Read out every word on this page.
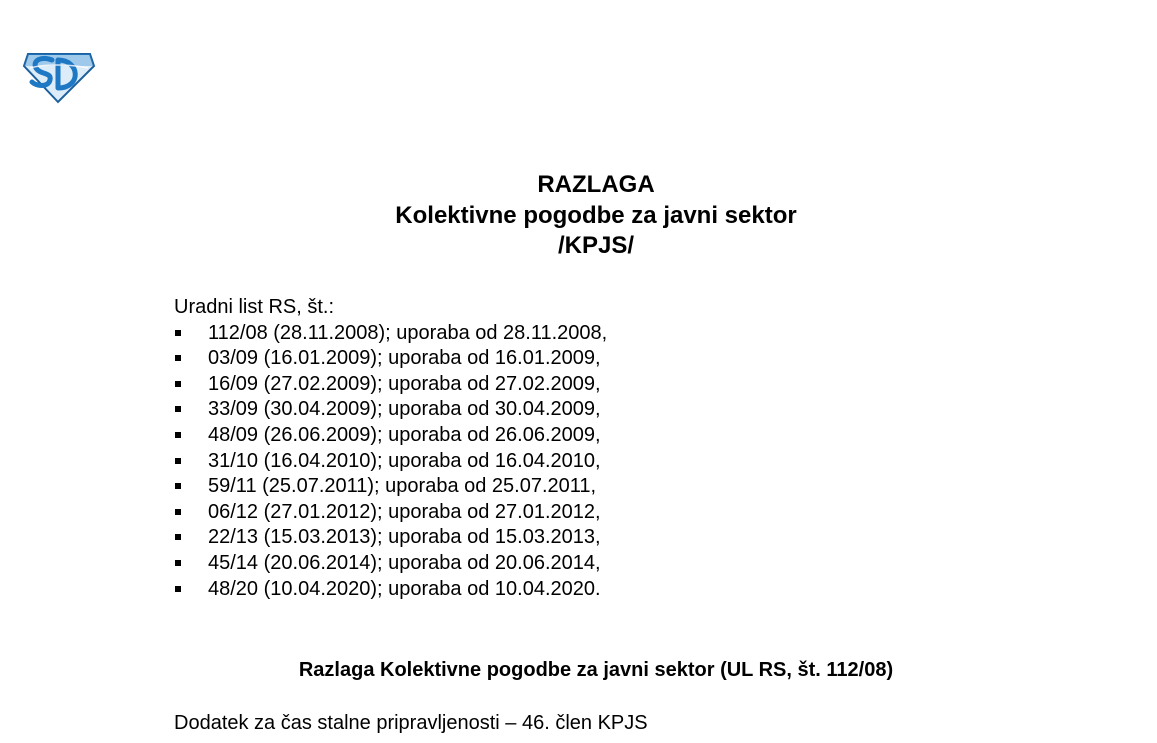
RAZLAGA
Kolektivne pogodbe za javni sektor
/KPJS/
Uradni list RS, št.:
112/08 (28.11.2008); uporaba od 28.11.2008,
03/09 (16.01.2009); uporaba od 16.01.2009,
16/09 (27.02.2009); uporaba od 27.02.2009,
33/09 (30.04.2009); uporaba od 30.04.2009,
48/09 (26.06.2009); uporaba od 26.06.2009,
31/10 (16.04.2010); uporaba od 16.04.2010,
59/11 (25.07.2011); uporaba od 25.07.2011,
06/12 (27.01.2012); uporaba od 27.01.2012,
22/13 (15.03.2013); uporaba od 15.03.2013,
45/14 (20.06.2014); uporaba od 20.06.2014,
48/20 (10.04.2020); uporaba od 10.04.2020.
Razlaga Kolektivne pogodbe za javni sektor (UL RS, št. 112/08)
Dodatek za čas stalne pripravljenosti – 46. člen KPJS
